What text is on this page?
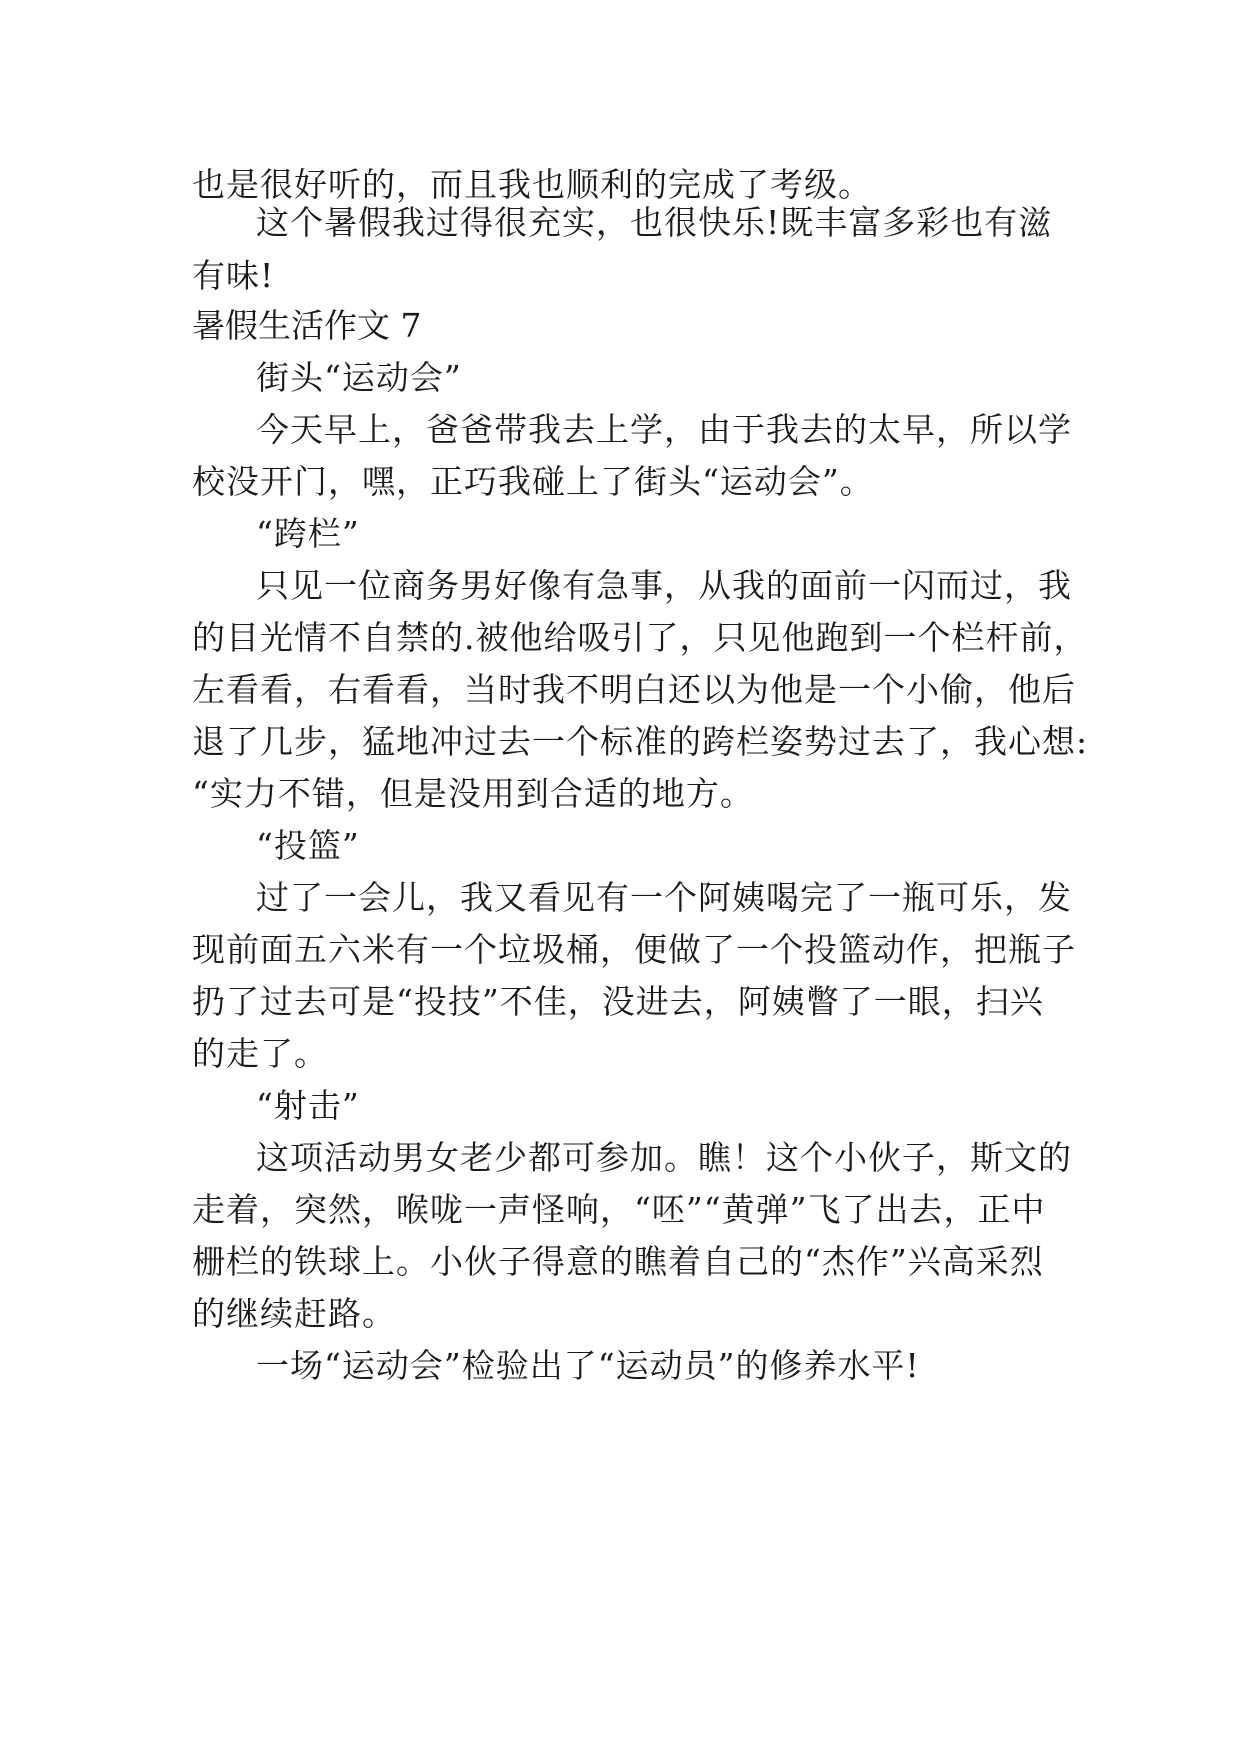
也是很好听的，而且我也顺利的完成了考级。
这个暑假我过得很充实，也很快乐!既丰富多彩也有滋
有味!
暑假生活作文 7
街头“运动会”
今天早上，爸爸带我去上学，由于我去的太早，所以学
校没开门，嘿，正巧我碰上了街头“运动会”。
“跨栏”
只见一位商务男好像有急事，从我的面前一闪而过，我
的目光情不自禁的.被他给吸引了，只见他跑到一个栏杆前，
左看看，右看看，当时我不明白还以为他是一个小偷，他后
退了几步，猛地冲过去一个标准的跨栏姿势过去了，我心想:
“实力不错，但是没用到合适的地方。
“投篮”
过了一会儿，我又看见有一个阿姨喝完了一瓶可乐，发
现前面五六米有一个垃圾桶，便做了一个投篮动作，把瓶子
扔了过去可是“投技”不佳，没进去，阿姨瞥了一眼，扫兴
的走了。
“射击”
这项活动男女老少都可参加。瞧！这个小伙子，斯文的
走着，突然，喉咙一声怪响，“呸”“黄弹”飞了出去，正中
栅栏的铁球上。小伙子得意的瞧着自己的“杰作”兴高采烈
的继续赶路。
一场“运动会”检验出了“运动员”的修养水平!
